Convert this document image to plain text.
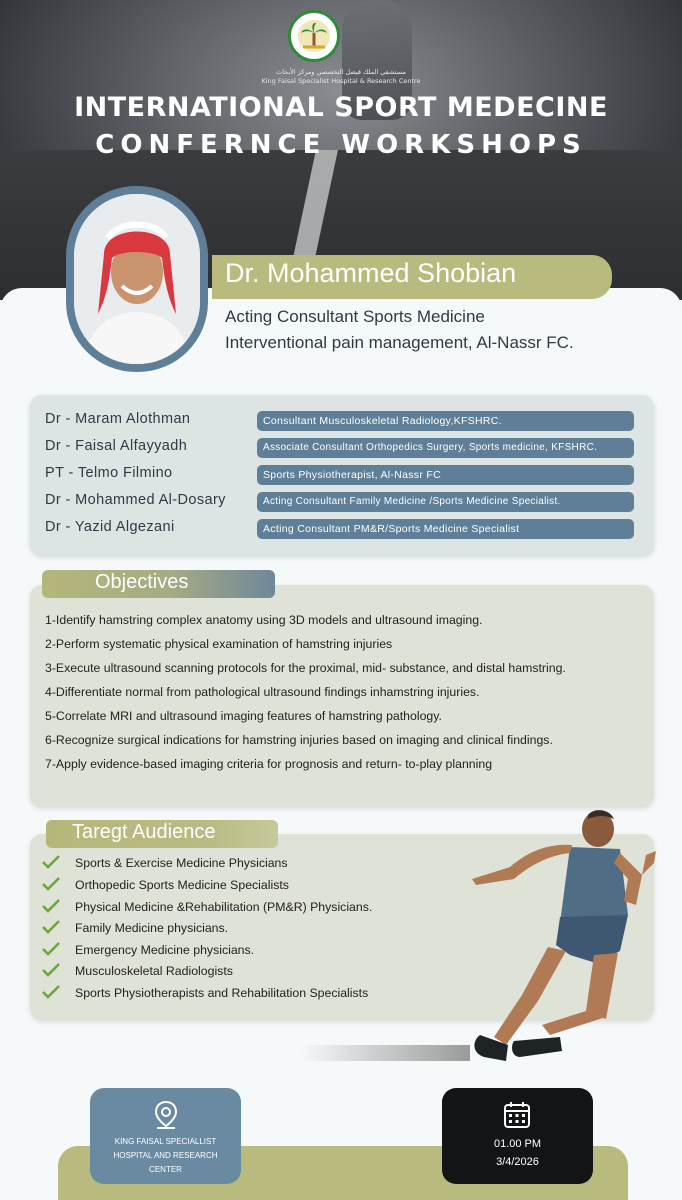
مستشفى الملك فيصل التخصصي ومركز الأبحاث
King Faisal Specialist Hospital & Research Centre
INTERNATIONAL SPORT MEDECINE
CONFERNCE WORKSHOPS
Dr. Mohammed Shobian
Acting Consultant Sports Medicine
Interventional pain management, Al-Nassr FC.
Dr - Maram Alothman	Consultant Musculoskeletal Radiology,KFSHRC.
Dr - Faisal Alfayyadh	Associate Consultant Orthopedics Surgery, Sports medicine, KFSHRC.
PT - Telmo Filmino	Sports Physiotherapist, Al-Nassr FC
Dr - Mohammed Al-Dosary	Acting Consultant Family Medicine /Sports Medicine Specialist.
Dr - Yazid Algezani	Acting Consultant PM&R/Sports Medicine Specialist
Objectives
1-Identify hamstring complex anatomy using 3D models and ultrasound imaging.
2-Perform systematic physical examination of hamstring injuries
3-Execute ultrasound scanning protocols for the proximal, mid- substance, and distal hamstring.
4-Differentiate normal from pathological ultrasound findings inhamstring injuries.
5-Correlate MRI and ultrasound imaging features of hamstring pathology.
6-Recognize surgical indications for hamstring injuries based on imaging and clinical findings.
7-Apply evidence-based imaging criteria for prognosis and return- to-play planning
Taregt Audience
Sports & Exercise Medicine Physicians
Orthopedic Sports Medicine Specialists
Physical Medicine &Rehabilitation (PM&R) Physicians.
Family Medicine physicians.
Emergency Medicine physicians.
Musculoskeletal Radiologists
Sports Physiotherapists and Rehabilitation Specialists
KING FAISAL SPECIALLIST
HOSPITAL AND RESEARCH
CENTER
01.00 PM
3/4/2026
